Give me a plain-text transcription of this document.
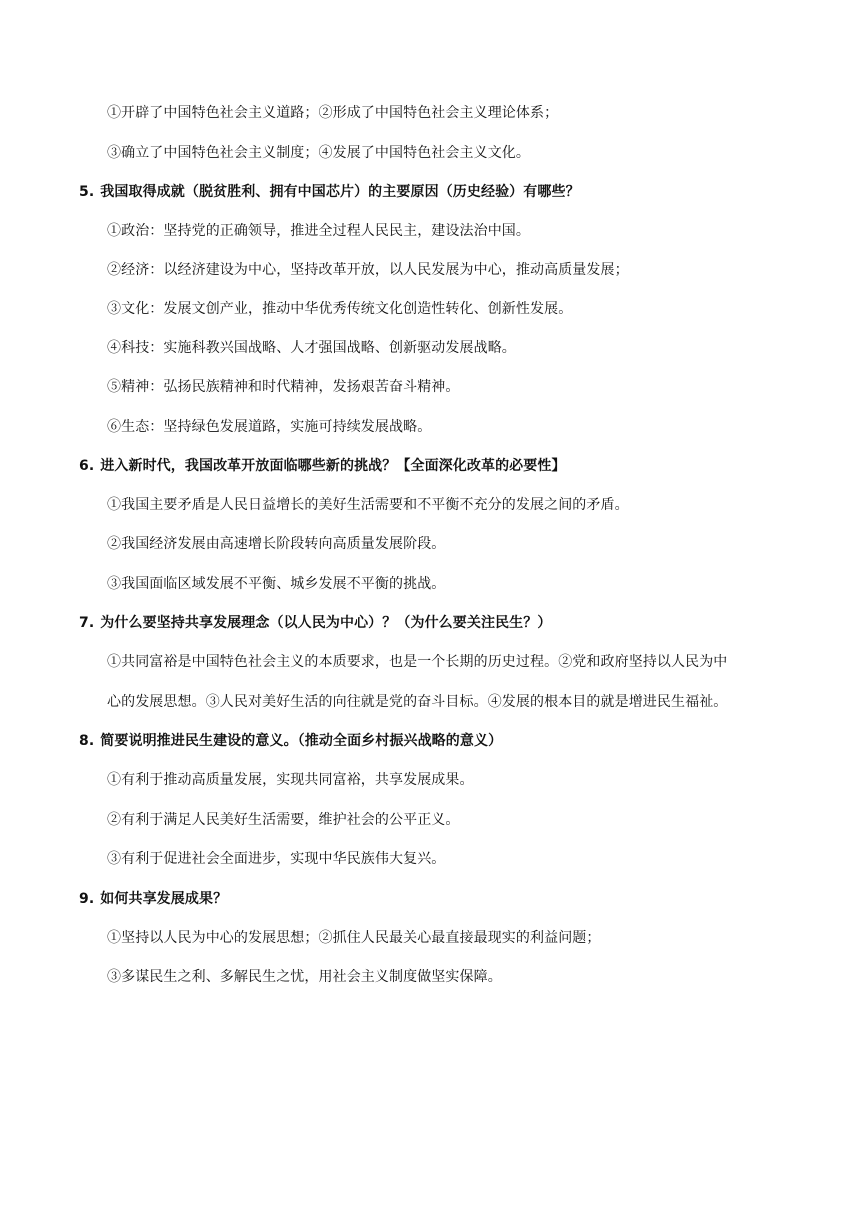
①开辟了中国特色社会主义道路；②形成了中国特色社会主义理论体系；
③确立了中国特色社会主义制度；④发展了中国特色社会主义文化。
5. 我国取得成就（脱贫胜利、拥有中国芯片）的主要原因（历史经验）有哪些？
①政治：坚持党的正确领导，推进全过程人民民主，建设法治中国。
②经济：以经济建设为中心，坚持改革开放，以人民发展为中心，推动高质量发展；
③文化：发展文创产业，推动中华优秀传统文化创造性转化、创新性发展。
④科技：实施科教兴国战略、人才强国战略、创新驱动发展战略。
⑤精神：弘扬民族精神和时代精神，发扬艰苦奋斗精神。
⑥生态：坚持绿色发展道路，实施可持续发展战略。
6. 进入新时代，我国改革开放面临哪些新的挑战？【全面深化改革的必要性】
①我国主要矛盾是人民日益增长的美好生活需要和不平衡不充分的发展之间的矛盾。
②我国经济发展由高速增长阶段转向高质量发展阶段。
③我国面临区域发展不平衡、城乡发展不平衡的挑战。
7. 为什么要坚持共享发展理念（以人民为中心）？（为什么要关注民生？）
①共同富裕是中国特色社会主义的本质要求，也是一个长期的历史过程。②党和政府坚持以人民为中
心的发展思想。③人民对美好生活的向往就是党的奋斗目标。④发展的根本目的就是增进民生福祉。
8. 简要说明推进民生建设的意义。（推动全面乡村振兴战略的意义）
①有利于推动高质量发展，实现共同富裕，共享发展成果。
②有利于满足人民美好生活需要，维护社会的公平正义。
③有利于促进社会全面进步，实现中华民族伟大复兴。
9. 如何共享发展成果？
①坚持以人民为中心的发展思想；②抓住人民最关心最直接最现实的利益问题；
③多谋民生之利、多解民生之忧，用社会主义制度做坚实保障。
